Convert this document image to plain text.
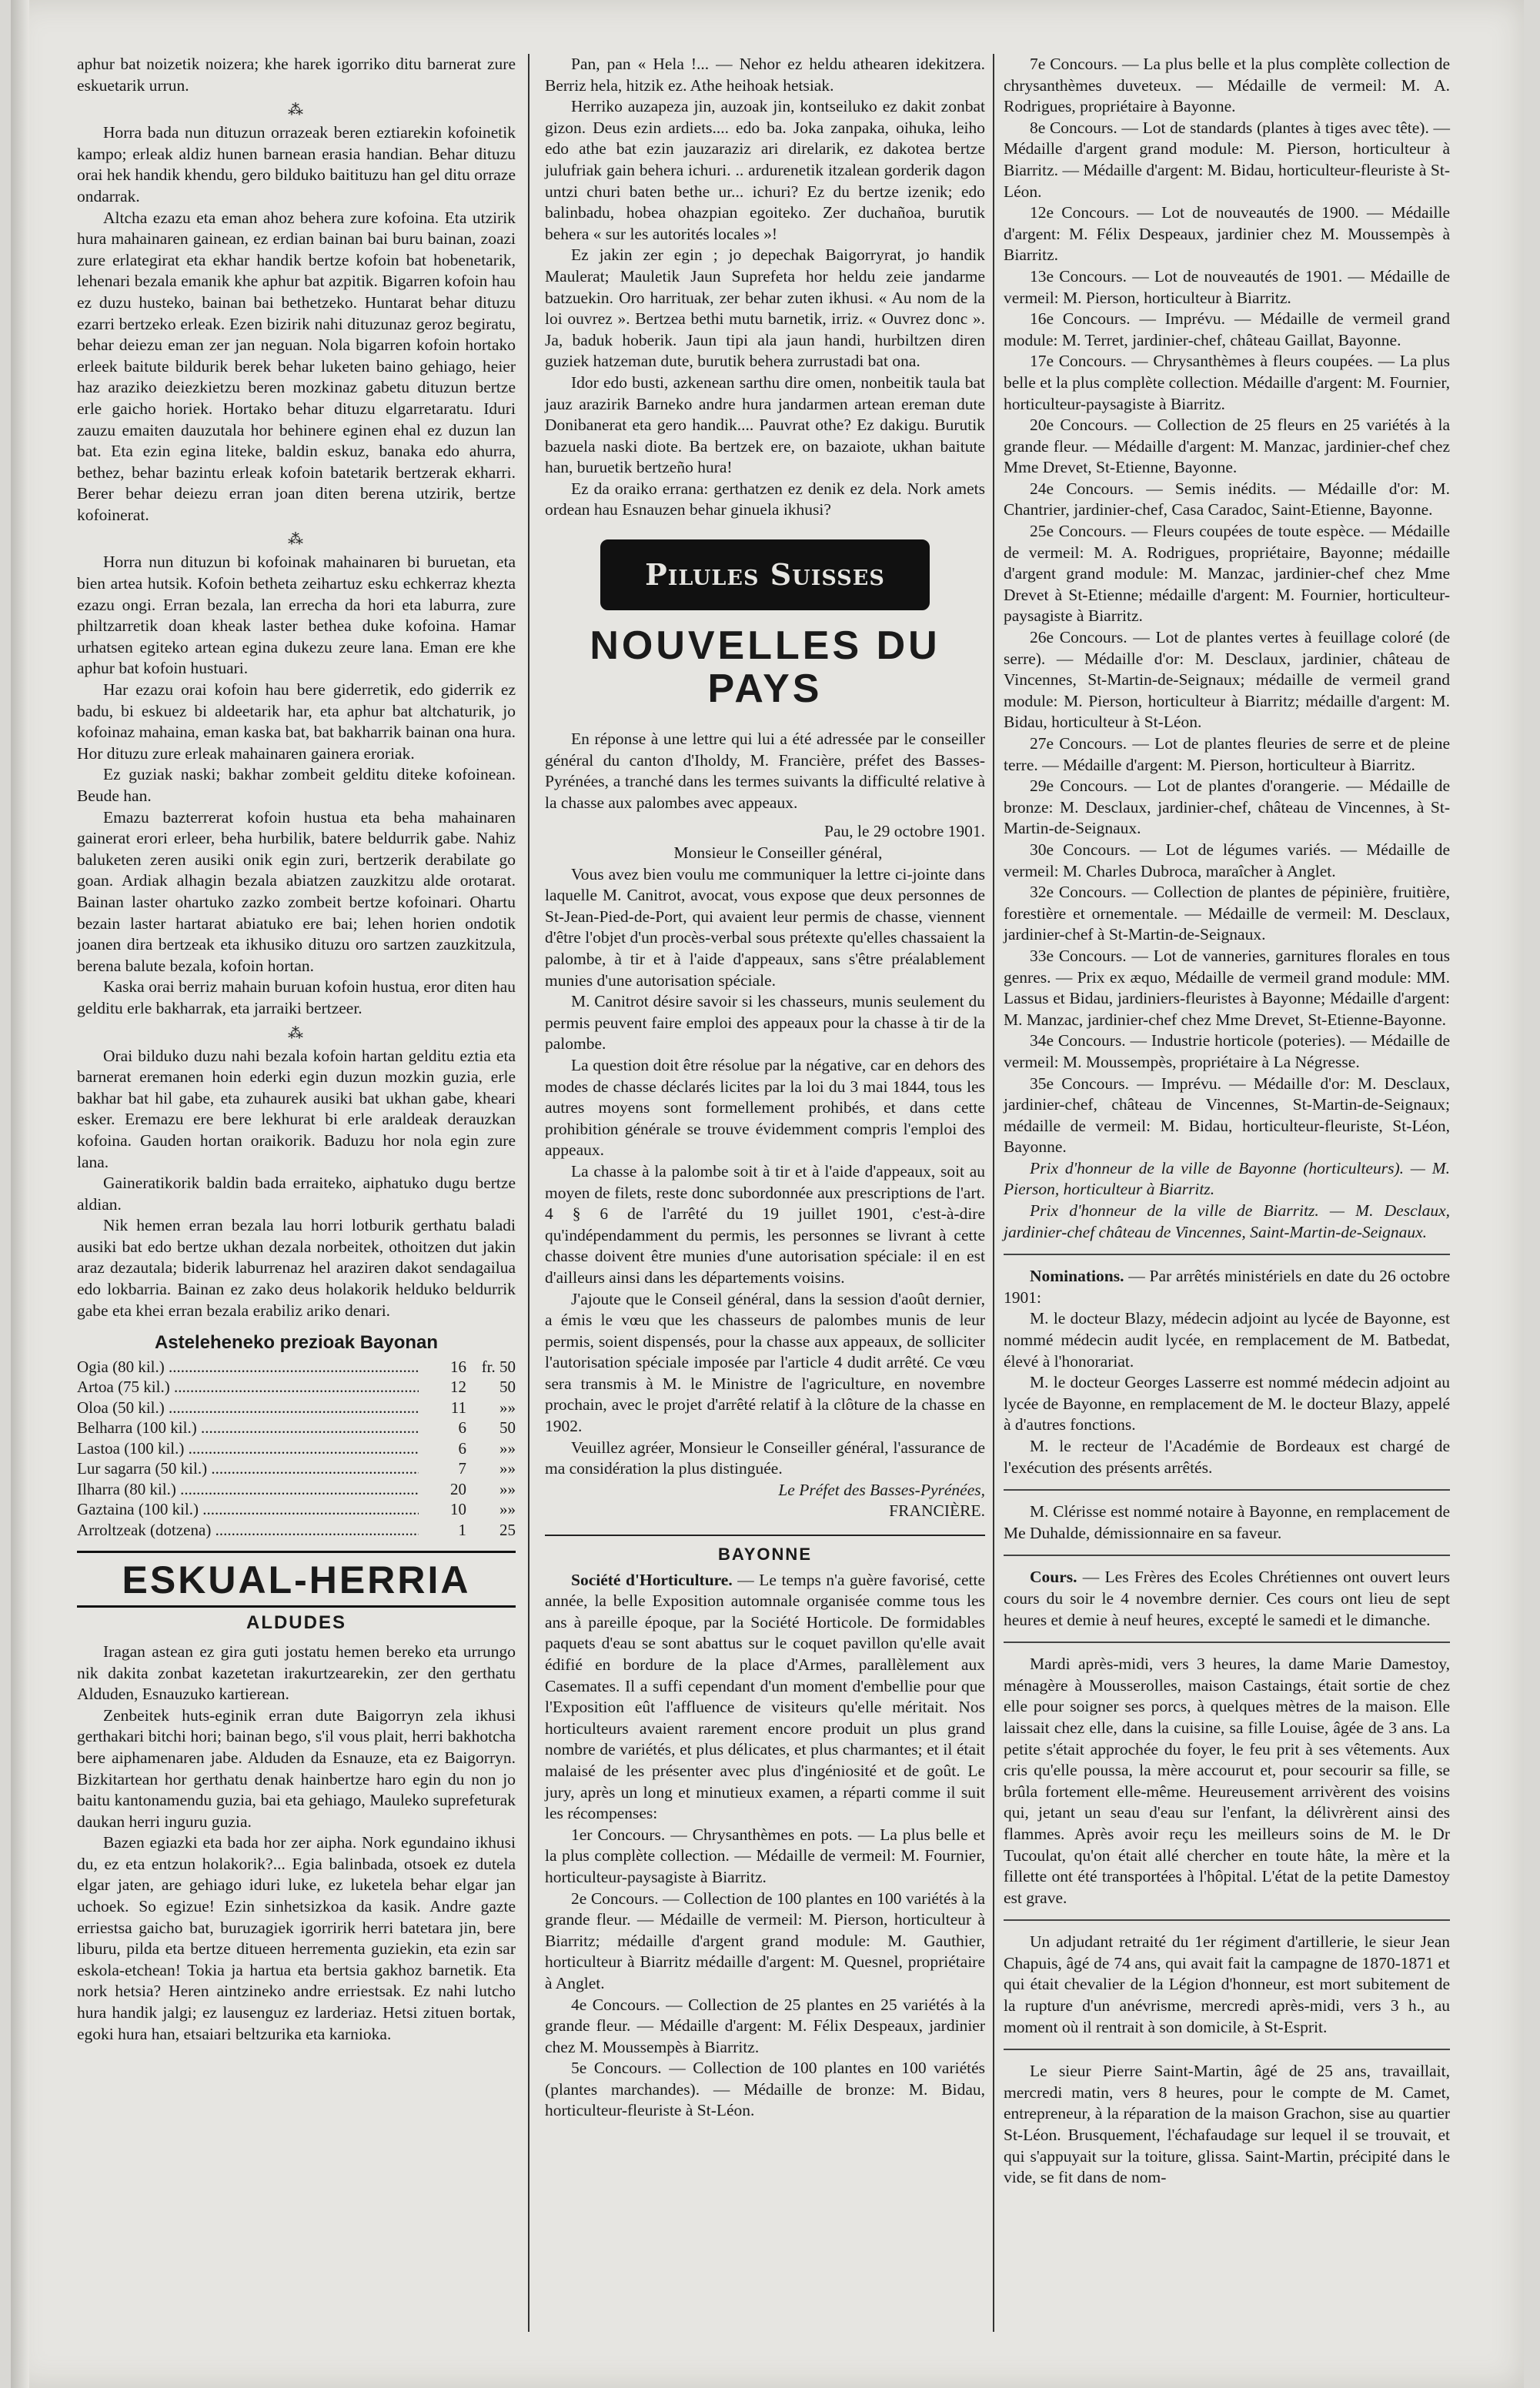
aphur bat noizetik noizera; khe harek igorriko ditu barnerat zure eskuetarik urrun.

⁂

Horra bada nun dituzun orrazeak beren eztiarekin kofoinetik kampo; erleak aldiz hunen barnean erasia handian. Behar dituzu orai hek handik khendu, gero bilduko baitituzu han gel ditu orraze ondarrak.

Altcha ezazu eta eman ahoz behera zure kofoina. Eta utzirik hura mahainaren gainean, ez erdian bainan bai buru bainan, zoazi zure erlategirat eta ekhar handik bertze kofoin bat hobenetarik, lehenari bezala emanik khe aphur bat azpitik. Bigarren kofoin hau ez duzu husteko, bainan bai bethetzeko. Huntarat behar dituzu ezarri bertzeko erleak. Ezen bizirik nahi dituzunaz geroz begiratu, behar deiezu eman zer jan neguan. Nola bigarren kofoin hortako erleek baitute bildurik berek behar luketen baino gehiago, heier haz araziko deiezkietzu beren mozkinaz gabetu dituzun bertze erle gaicho horiek. Hortako behar dituzu elgarretaratu. Iduri zauzu emaiten dauzutala hor behinere eginen ehal ez duzun lan bat. Eta ezin egina liteke, baldin eskuz, banaka edo ahurra, bethez, behar bazintu erleak kofoin batetarik bertzerak ekharri. Berer behar deiezu erran joan diten berena utzirik, bertze kofoinerat.

⁂

Horra nun dituzun bi kofoinak mahainaren bi buruetan, eta bien artea hutsik. Kofoin betheta zeihartuz esku echkerraz khezta ezazu ongi. Erran bezala, lan errecha da hori eta laburra, zure philtzarretik doan kheak laster bethea duke kofoina. Hamar urhatsen egiteko artean egina dukezu zeure lana. Eman ere khe aphur bat kofoin hustuari.

Har ezazu orai kofoin hau bere giderretik, edo giderrik ez badu, bi eskuez bi aldeetarik har, eta aphur bat altchaturik, jo kofoinaz mahaina, eman kaska bat, bat bakharrik bainan ona hura. Hor dituzu zure erleak mahainaren gainera eroriak.

Ez guziak naski; bakhar zombeit gelditu diteke kofoinean. Beude han.

Emazu bazterrerat kofoin hustua eta beha mahainaren gainerat erori erleer, beha hurbilik, batere beldurrik gabe. Nahiz baluketen zeren ausiki onik egin zuri, bertzerik derabilate go goan. Ardiak alhagin bezala abiatzen zauzkitzu alde orotarat. Bainan laster ohartuko zazko zombeit bertze kofoinari. Ohartu bezain laster hartarat abiatuko ere bai; lehen horien ondotik joanen dira bertzeak eta ikhusiko dituzu oro sartzen zauzkitzula, berena balute bezala, kofoin hortan.

Kaska orai berriz mahain buruan kofoin hustua, eror diten hau gelditu erle bakharrak, eta jarraiki bertzeer.

⁂

Orai bilduko duzu nahi bezala kofoin hartan gelditu eztia eta barnerat eremanen hoin ederki egin duzun mozkin guzia, erle bakhar bat hil gabe, eta zuhaurek ausiki bat ukhan gabe, kheari esker. Eremazu ere bere lekhurat bi erle araldeak derauzkan kofoina. Gauden hortan oraikorik. Baduzu hor nola egin zure lana.

Gaineratikorik baldin bada erraiteko, aiphatuko dugu bertze aldian.

Nik hemen erran bezala lau horri lotburik gerthatu baladi ausiki bat edo bertze ukhan dezala norbeitek, othoitzen dut jakin araz dezautala; biderik laburrenaz hel araziren dakot sendagailua edo lokbarria. Bainan ez zako deus holakorik helduko beldurrik gabe eta khei erran bezala erabiliz ariko denari.

Asteleheneko prezioak Bayonan
Ogia (80 kil.) .....	16 fr. 50
Artoa (75 kil.) .....	12	50
Oloa (50 kil.) .....	11	»»
Belharra (100 kil.) .....	6	50
Lastoa (100 kil.) .....	6	»»
Lur sagarra (50 kil.) .....	7	»»
Ilharra (80 kil.) .....	20	»»
Gaztaina (100 kil.) .....	10	»»
Arroltzeak (dotzena) .....	1	25
ESKUAL-HERRIA
ALDUDES

Iragan astean ez gira guti jostatu hemen bereko eta urrungo nik dakita zonbat kazetetan irakurtzearekin, zer den gerthatu Alduden, Esnauzuko kartierean.

Zenbeitek huts-eginik erran dute Baigorryn zela ikhusi gerthakari bitchi hori; bainan bego, s'il vous plait, herri bakhotcha bere aiphamenaren jabe. Alduden da Esnauze, eta ez Baigorryn. Bizkitartean hor gerthatu denak hainbertze haro egin du non jo baitu kantonamendu guzia, bai eta gehiago, Mauleko suprefeturak daukan herri inguru guzia.

Bazen egiazki eta bada hor zer aipha. Nork egundaino ikhusi du, ez eta entzun holakorik?... Egia balinbada, otsoek ez dutela elgar jaten, are gehiago iduri luke, ez luketela behar elgar jan uchoek. So egizue! Ezin sinhetsizkoa da kasik. Andre gazte erriestsa gaicho bat, buruzagiek igorririk herri batetara jin, bere liburu, pilda eta bertze ditueen herrementa guziekin, eta ezin sar eskola-etchean! Tokia ja hartua eta bertsia gakhoz barnetik. Eta nork hetsia? Heren aintzineko andre erriestsak. Ez nahi lutcho hura handik jalgi; ez lausenguz ez larderiaz. Hetsi zituen bortak, egoki hura han, etsaiari beltzurika eta karnioka.

Pan, pan « Hela !... — Nehor ez heldu athearen idekitzera. Berriz hela, hitzik ez. Athe heihoak hetsiak.

Herriko auzapeza jin, auzoak jin, kontseiluko ez dakit zonbat gizon. Deus ezin ardiets.... edo ba. Joka zanpaka, oihuka, leiho edo athe bat ezin jauzaraziz ari direlarik, ez dakotea bertze julufriak gain behera ichuri. .. ardurenetik itzalean gorderik dagon untzi churi baten bethe ur... ichuri? Ez du bertze izenik; edo balinbadu, hobea ohazpian egoiteko. Zer duchañoa, burutik behera « sur les autorités locales »!

Ez jakin zer egin ; jo depechak Baigorryrat, jo handik Maulerat; Mauletik Jaun Suprefeta hor heldu zeie jandarme batzuekin. Oro harrituak, zer behar zuten ikhusi. « Au nom de la loi ouvrez ». Bertzea bethi mutu barnetik, irriz. « Ouvrez donc ». Ja, baduk hoberik. Jaun tipi ala jaun handi, hurbiltzen diren guziek hatzeman dute, burutik behera zurrustadi bat ona.

Idor edo busti, azkenean sarthu dire omen, nonbeitik taula bat jauz arazirik Barneko andre hura jandarmen artean ereman dute Donibanerat eta gero handik.... Pauvrat othe? Ez dakigu. Burutik bazuela naski diote. Ba bertzek ere, on bazaiote, ukhan baitute han, buruetik bertzeño hura!

Ez da oraiko errana: gerthatzen ez denik ez dela. Nork amets ordean hau Esnauzen behar ginuela ikhusi?

Pilules Suisses
NOUVELLES DU PAYS

En réponse à une lettre qui lui a été adressée par le conseiller général du canton d'Iholdy, M. Francière, préfet des Basses-Pyrénées, a tranché dans les termes suivants la difficulté relative à la chasse aux palombes avec appeaux.

Pau, le 29 octobre 1901.

Monsieur le Conseiller général,

Vous avez bien voulu me communiquer la lettre ci-jointe dans laquelle M. Canitrot, avocat, vous expose que deux personnes de St-Jean-Pied-de-Port, qui avaient leur permis de chasse, viennent d'être l'objet d'un procès-verbal sous prétexte qu'elles chassaient la palombe, à tir et à l'aide d'appeaux, sans s'être préalablement munies d'une autorisation spéciale.

M. Canitrot désire savoir si les chasseurs, munis seulement du permis peuvent faire emploi des appeaux pour la chasse à tir de la palombe.

La question doit être résolue par la négative, car en dehors des modes de chasse déclarés licites par la loi du 3 mai 1844, tous les autres moyens sont formellement prohibés, et dans cette prohibition générale se trouve évidemment compris l'emploi des appeaux.

La chasse à la palombe soit à tir et à l'aide d'appeaux, soit au moyen de filets, reste donc subordonnée aux prescriptions de l'art. 4 § 6 de l'arrêté du 19 juillet 1901, c'est-à-dire qu'indépendamment du permis, les personnes se livrant à cette chasse doivent être munies d'une autorisation spéciale: il en est d'ailleurs ainsi dans les départements voisins.

J'ajoute que le Conseil général, dans la session d'août dernier, a émis le vœu que les chasseurs de palombes munis de leur permis, soient dispensés, pour la chasse aux appeaux, de solliciter l'autorisation spéciale imposée par l'article 4 dudit arrêté. Ce vœu sera transmis à M. le Ministre de l'agriculture, en novembre prochain, avec le projet d'arrêté relatif à la clôture de la chasse en 1902.

Veuillez agréer, Monsieur le Conseiller général, l'assurance de ma considération la plus distinguée.

Le Préfet des Basses-Pyrénées,

FRANCIÈRE.

BAYONNE

Société d'Horticulture. — Le temps n'a guère favorisé, cette année, la belle Exposition automnale organisée comme tous les ans à pareille époque, par la Société Horticole. De formidables paquets d'eau se sont abattus sur le coquet pavillon qu'elle avait édifié en bordure de la place d'Armes, parallèlement aux Casemates. Il a suffi cependant d'un moment d'embellie pour que l'Exposition eût l'affluence de visiteurs qu'elle méritait. Nos horticulteurs avaient rarement encore produit un plus grand nombre de variétés, et plus délicates, et plus charmantes; et il était malaisé de les présenter avec plus d'ingéniosité et de goût. Le jury, après un long et minutieux examen, a réparti comme il suit les récompenses:

1er Concours. — Chrysanthèmes en pots. — La plus belle et la plus complète collection. — Médaille de vermeil: M. Fournier, horticulteur-paysagiste à Biarritz.

2e Concours. — Collection de 100 plantes en 100 variétés à la grande fleur. — Médaille de vermeil: M. Pierson, horticulteur à Biarritz; médaille d'argent grand module: M. Gauthier, horticulteur à Biarritz médaille d'argent: M. Quesnel, propriétaire à Anglet.

4e Concours. — Collection de 25 plantes en 25 variétés à la grande fleur. — Médaille d'argent: M. Félix Despeaux, jardinier chez M. Moussempès à Biarritz.

5e Concours. — Collection de 100 plantes en 100 variétés (plantes marchandes). — Médaille de bronze: M. Bidau, horticulteur-fleuriste à St-Léon.

7e Concours. — La plus belle et la plus complète collection de chrysanthèmes duveteux. — Médaille de vermeil: M. A. Rodrigues, propriétaire à Bayonne.

8e Concours. — Lot de standards (plantes à tiges avec tête). — Médaille d'argent grand module: M. Pierson, horticulteur à Biarritz. — Médaille d'argent: M. Bidau, horticulteur-fleuriste à St-Léon.

12e Concours. — Lot de nouveautés de 1900. — Médaille d'argent: M. Félix Despeaux, jardinier chez M. Moussempès à Biarritz.

13e Concours. — Lot de nouveautés de 1901. — Médaille de vermeil: M. Pierson, horticulteur à Biarritz.

16e Concours. — Imprévu. — Médaille de vermeil grand module: M. Terret, jardinier-chef, château Gaillat, Bayonne.

17e Concours. — Chrysanthèmes à fleurs coupées. — La plus belle et la plus complète collection. Médaille d'argent: M. Fournier, horticulteur-paysagiste à Biarritz.

20e Concours. — Collection de 25 fleurs en 25 variétés à la grande fleur. — Médaille d'argent: M. Manzac, jardinier-chef chez Mme Drevet, St-Etienne, Bayonne.

24e Concours. — Semis inédits. — Médaille d'or: M. Chantrier, jardinier-chef, Casa Caradoc, Saint-Etienne, Bayonne.

25e Concours. — Fleurs coupées de toute espèce. — Médaille de vermeil: M. A. Rodrigues, propriétaire, Bayonne; médaille d'argent grand module: M. Manzac, jardinier-chef chez Mme Drevet à St-Etienne; médaille d'argent: M. Fournier, horticulteur-paysagiste à Biarritz.

26e Concours. — Lot de plantes vertes à feuillage coloré (de serre). — Médaille d'or: M. Desclaux, jardinier, château de Vincennes, St-Martin-de-Seignaux; médaille de vermeil grand module: M. Pierson, horticulteur à Biarritz; médaille d'argent: M. Bidau, horticulteur à St-Léon.

27e Concours. — Lot de plantes fleuries de serre et de pleine terre. — Médaille d'argent: M. Pierson, horticulteur à Biarritz.

29e Concours. — Lot de plantes d'orangerie. — Médaille de bronze: M. Desclaux, jardinier-chef, château de Vincennes, à St-Martin-de-Seignaux.

30e Concours. — Lot de légumes variés. — Médaille de vermeil: M. Charles Dubroca, maraîcher à Anglet.

32e Concours. — Collection de plantes de pépinière, fruitière, forestière et ornementale. — Médaille de vermeil: M. Desclaux, jardinier-chef à St-Martin-de-Seignaux.

33e Concours. — Lot de vanneries, garnitures florales en tous genres. — Prix ex æquo, Médaille de vermeil grand module: MM. Lassus et Bidau, jardiniers-fleuristes à Bayonne; Médaille d'argent: M. Manzac, jardinier-chef chez Mme Drevet, St-Etienne-Bayonne.

34e Concours. — Industrie horticole (poteries). — Médaille de vermeil: M. Moussempès, propriétaire à La Négresse.

35e Concours. — Imprévu. — Médaille d'or: M. Desclaux, jardinier-chef, château de Vincennes, St-Martin-de-Seignaux; médaille de vermeil: M. Bidau, horticulteur-fleuriste, St-Léon, Bayonne.

Prix d'honneur de la ville de Bayonne (horticulteurs). — M. Pierson, horticulteur à Biarritz.

Prix d'honneur de la ville de Biarritz. — M. Desclaux, jardinier-chef château de Vincennes, Saint-Martin-de-Seignaux.

Nominations. — Par arrêtés ministériels en date du 26 octobre 1901:

M. le docteur Blazy, médecin adjoint au lycée de Bayonne, est nommé médecin audit lycée, en remplacement de M. Batbedat, élevé à l'honorariat.

M. le docteur Georges Lasserre est nommé médecin adjoint au lycée de Bayonne, en remplacement de M. le docteur Blazy, appelé à d'autres fonctions.

M. le recteur de l'Académie de Bordeaux est chargé de l'exécution des présents arrêtés.

M. Clérisse est nommé notaire à Bayonne, en remplacement de Me Duhalde, démissionnaire en sa faveur.

Cours. — Les Frères des Ecoles Chrétiennes ont ouvert leurs cours du soir le 4 novembre dernier. Ces cours ont lieu de sept heures et demie à neuf heures, excepté le samedi et le dimanche.

Mardi après-midi, vers 3 heures, la dame Marie Damestoy, ménagère à Mousserolles, maison Castaings, était sortie de chez elle pour soigner ses porcs, à quelques mètres de la maison. Elle laissait chez elle, dans la cuisine, sa fille Louise, âgée de 3 ans. La petite s'était approchée du foyer, le feu prit à ses vêtements. Aux cris qu'elle poussa, la mère accourut et, pour secourir sa fille, se brûla fortement elle-même. Heureusement arrivèrent des voisins qui, jetant un seau d'eau sur l'enfant, la délivrèrent ainsi des flammes. Après avoir reçu les meilleurs soins de M. le Dr Tucoulat, qu'on était allé chercher en toute hâte, la mère et la fillette ont été transportées à l'hôpital. L'état de la petite Damestoy est grave.

Un adjudant retraité du 1er régiment d'artillerie, le sieur Jean Chapuis, âgé de 74 ans, qui avait fait la campagne de 1870-1871 et qui était chevalier de la Légion d'honneur, est mort subitement de la rupture d'un anévrisme, mercredi après-midi, vers 3 h., au moment où il rentrait à son domicile, à St-Esprit.

Le sieur Pierre Saint-Martin, âgé de 25 ans, travaillait, mercredi matin, vers 8 heures, pour le compte de M. Camet, entrepreneur, à la réparation de la maison Grachon, sise au quartier St-Léon. Brusquement, l'échafaudage sur lequel il se trouvait, et qui s'appuyait sur la toiture, glissa. Saint-Martin, précipité dans le vide, se fit dans de nom-
